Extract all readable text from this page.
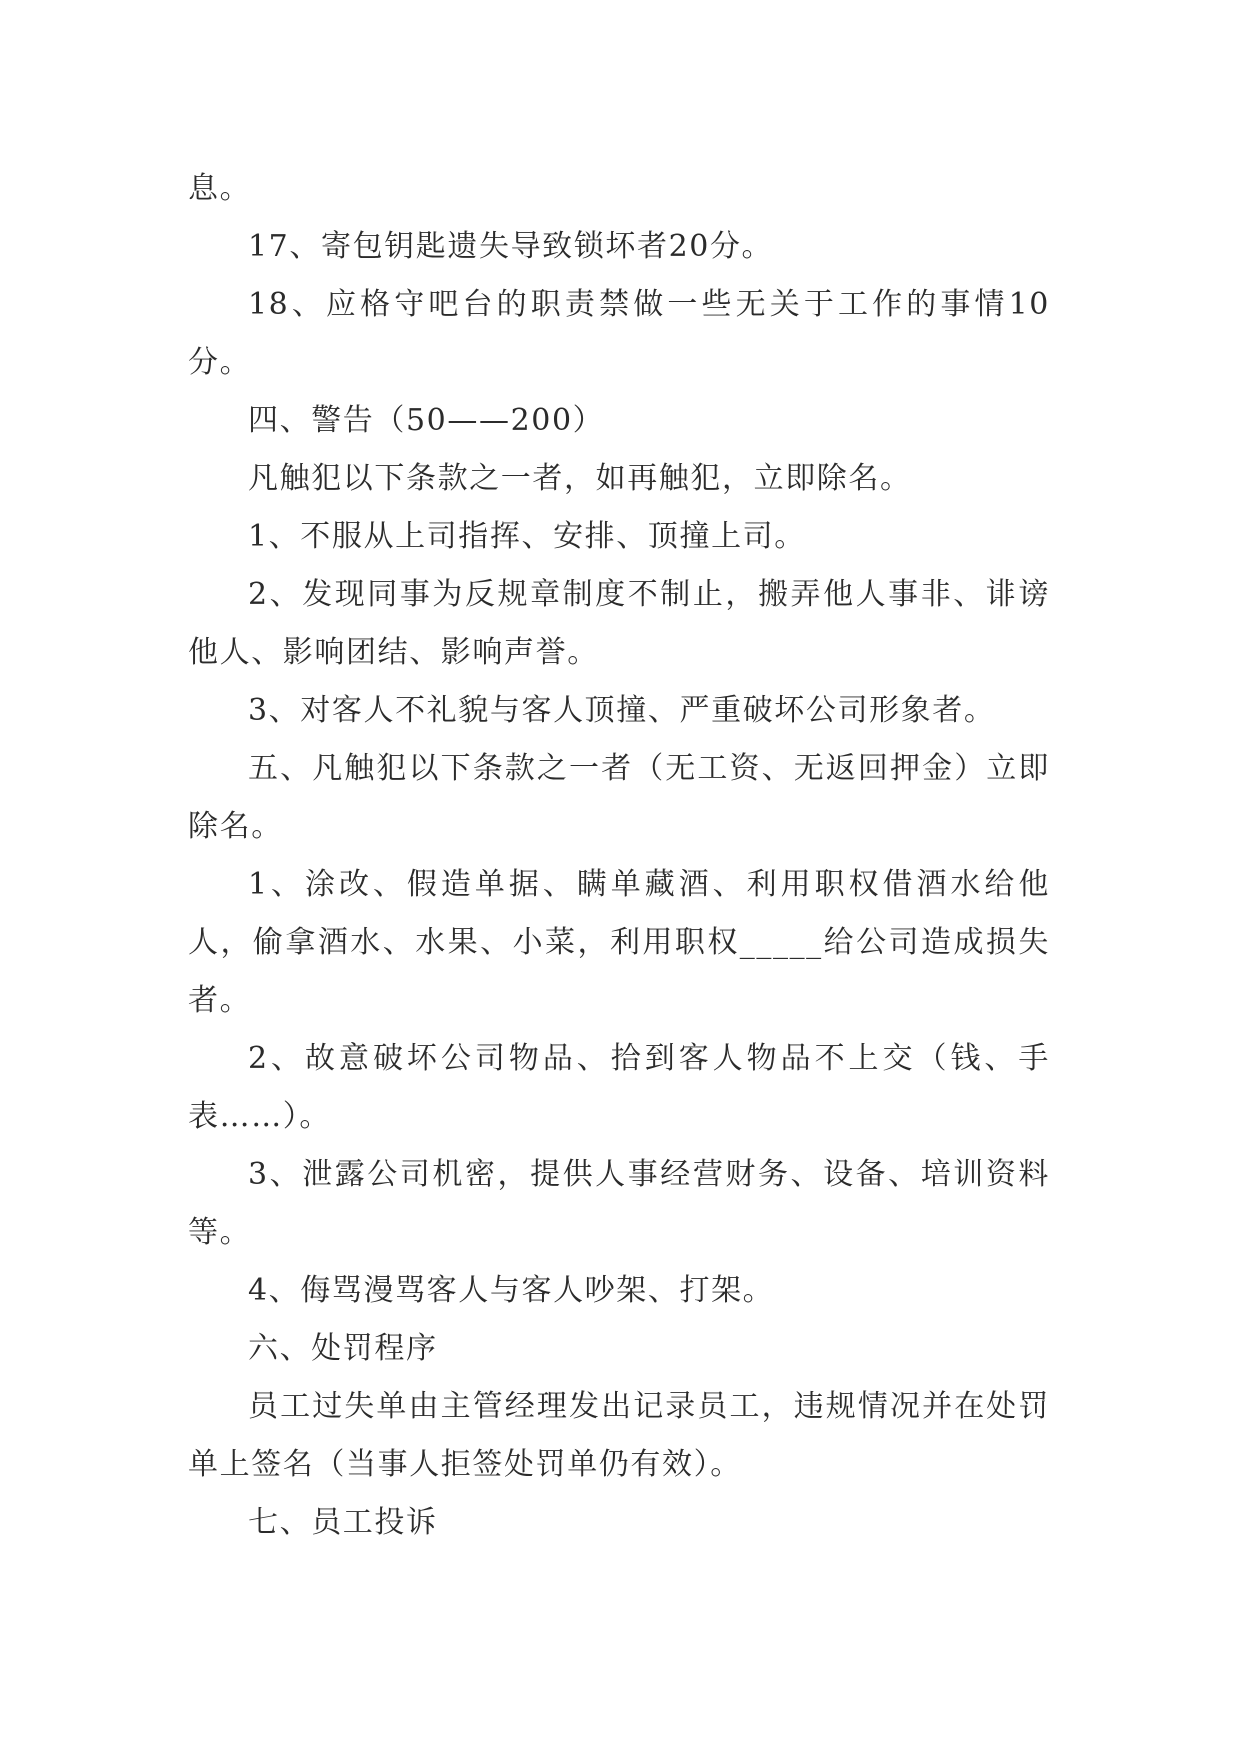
息。

17、寄包钥匙遗失导致锁坏者20分。

18、应格守吧台的职责禁做一些无关于工作的事情10分。

四、警告（50——200）

凡触犯以下条款之一者，如再触犯，立即除名。

1、不服从上司指挥、安排、顶撞上司。

2、发现同事为反规章制度不制止，搬弄他人事非、诽谤他人、影响团结、影响声誉。

3、对客人不礼貌与客人顶撞、严重破坏公司形象者。

五、凡触犯以下条款之一者（无工资、无返回押金）立即除名。

1、涂改、假造单据、瞒单藏酒、利用职权借酒水给他人，偷拿酒水、水果、小菜，利用职权_____给公司造成损失者。

2、故意破坏公司物品、拾到客人物品不上交（钱、手表……）。

3、泄露公司机密，提供人事经营财务、设备、培训资料等。

4、侮骂漫骂客人与客人吵架、打架。

六、处罚程序

员工过失单由主管经理发出记录员工，违规情况并在处罚单上签名（当事人拒签处罚单仍有效）。

七、员工投诉
